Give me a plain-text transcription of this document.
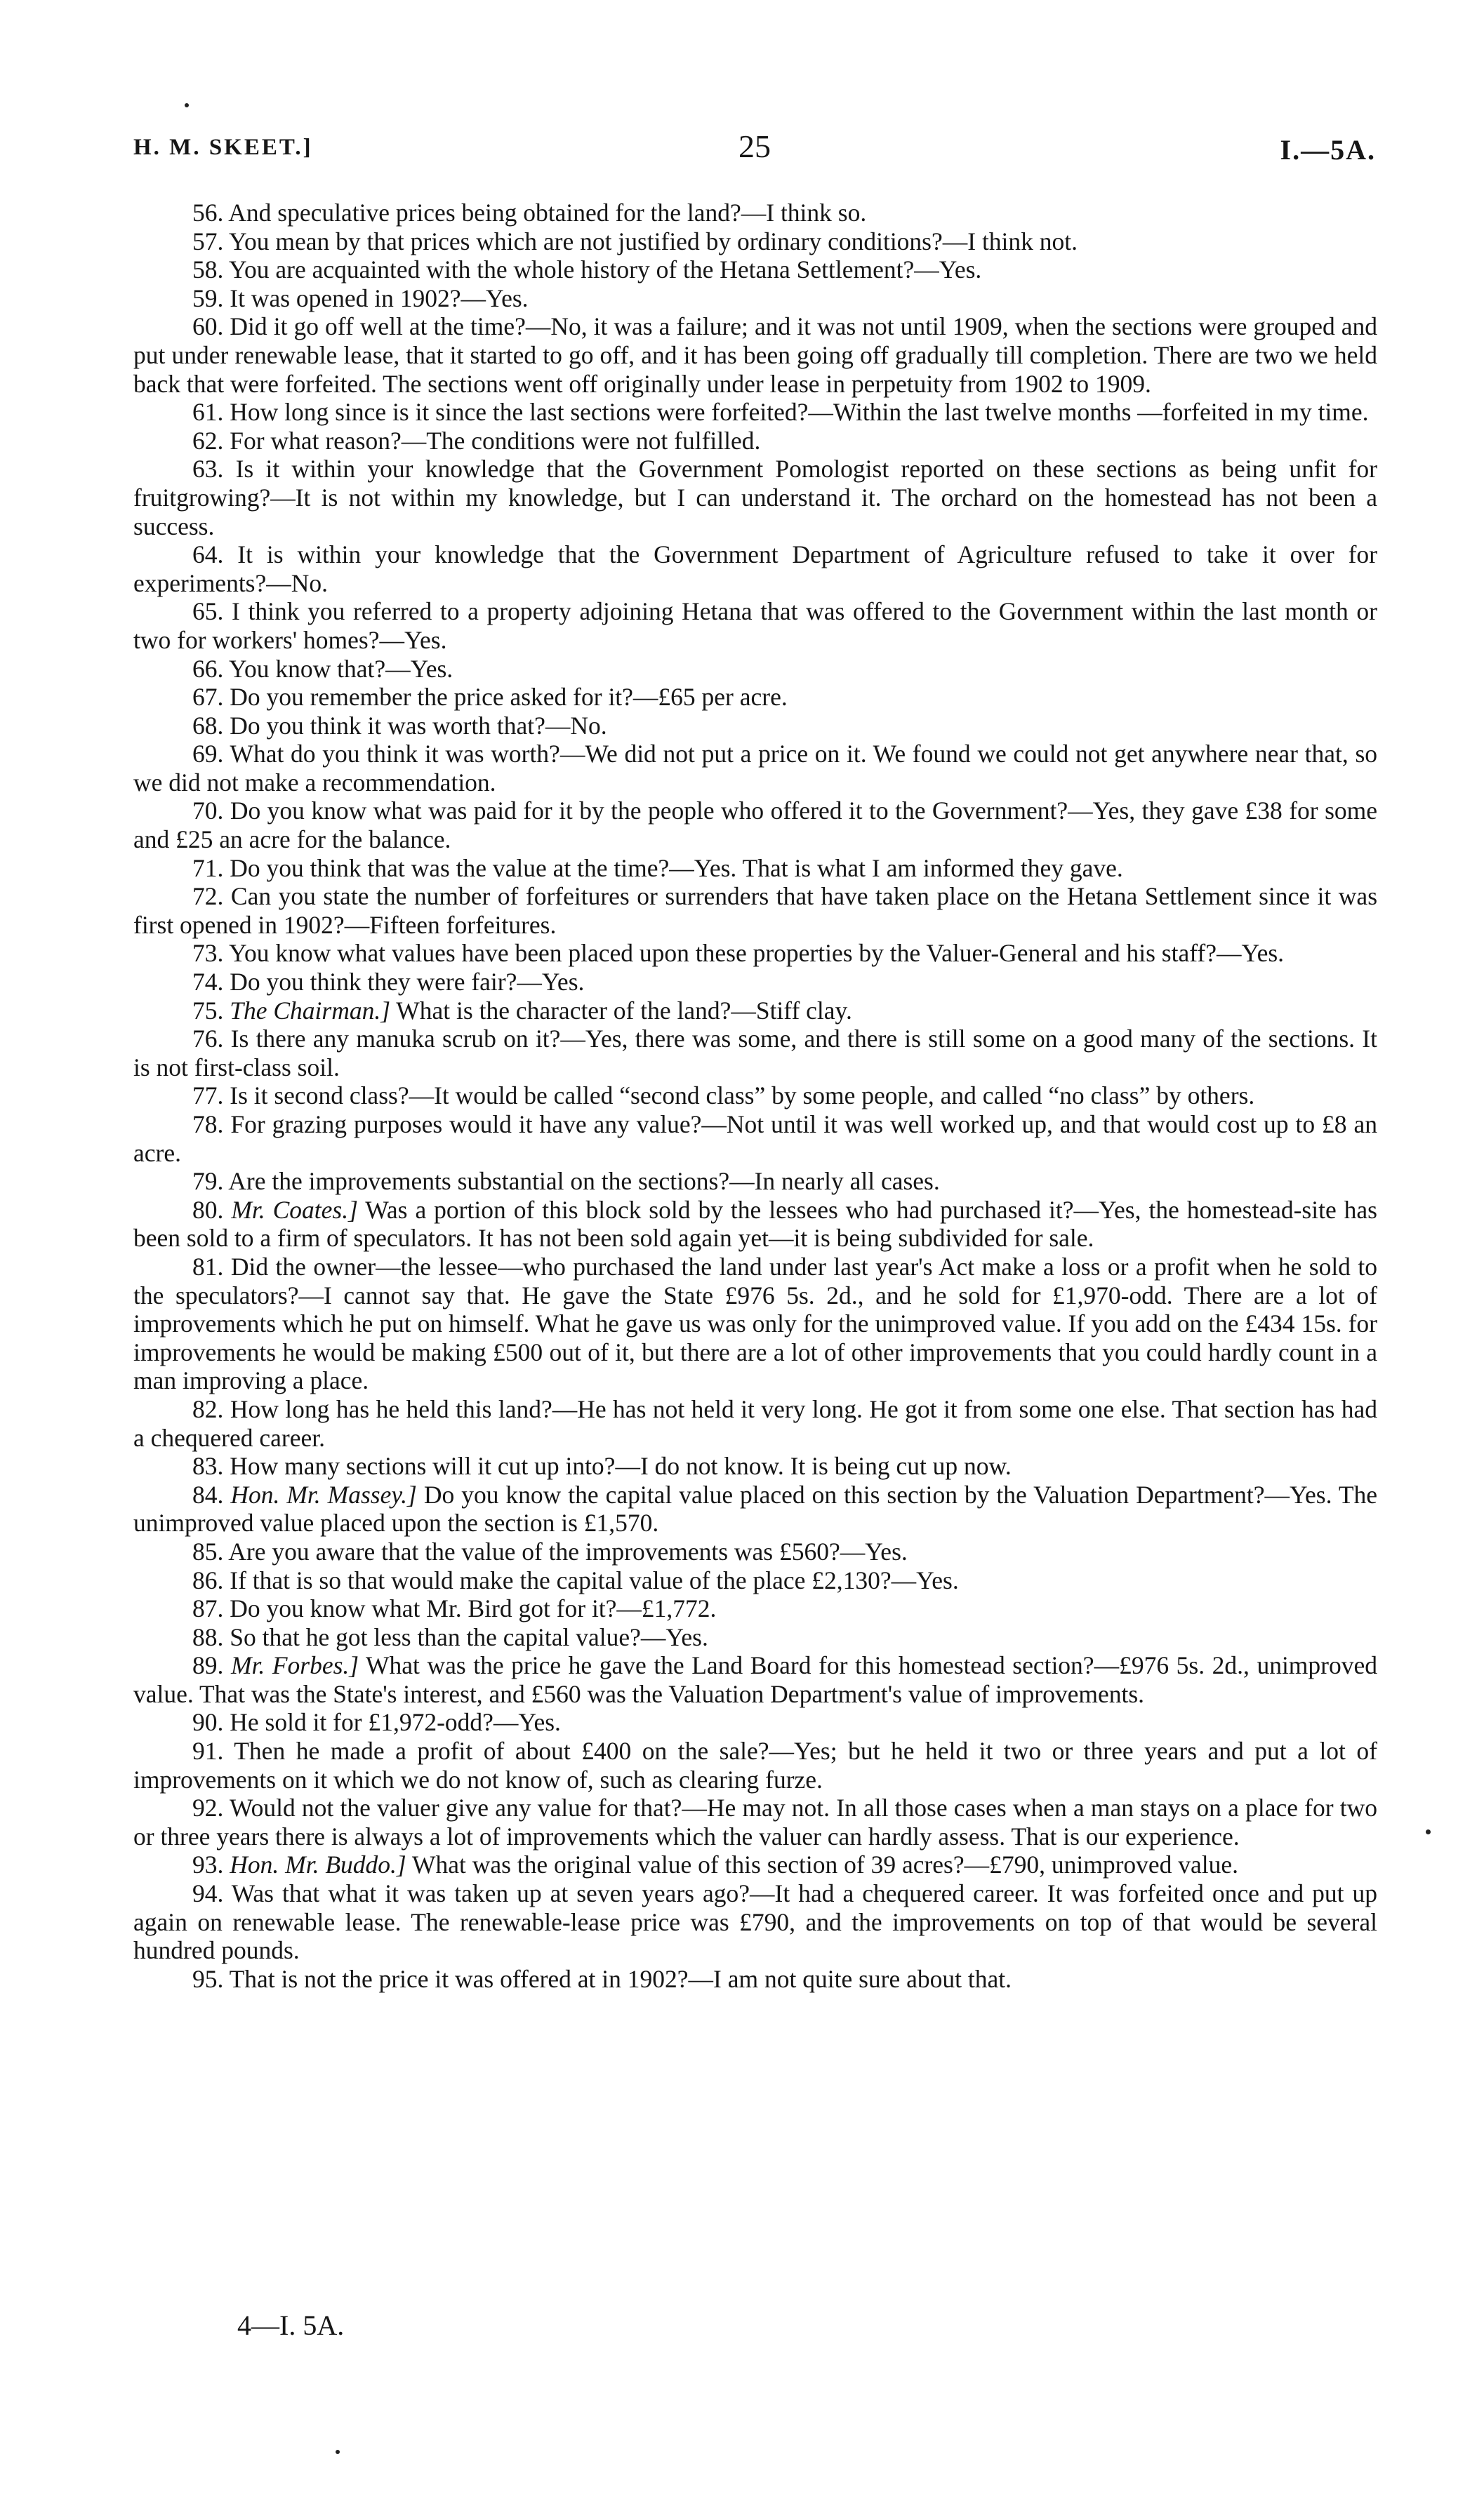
H. M. SKEET.]	25	I.—5A.

56. And speculative prices being obtained for the land?—I think so.

57. You mean by that prices which are not justified by ordinary conditions?—I think not.

58. You are acquainted with the whole history of the Hetana Settlement?—Yes.

59. It was opened in 1902?—Yes.

60. Did it go off well at the time?—No, it was a failure; and it was not until 1909, when the sections were grouped and put under renewable lease, that it started to go off, and it has been going off gradually till completion. There are two we held back that were forfeited. The sections went off originally under lease in perpetuity from 1902 to 1909.

61. How long since is it since the last sections were forfeited?—Within the last twelve months —forfeited in my time.

62. For what reason?—The conditions were not fulfilled.

63. Is it within your knowledge that the Government Pomologist reported on these sections as being unfit for fruitgrowing?—It is not within my knowledge, but I can understand it. The orchard on the homestead has not been a success.

64. It is within your knowledge that the Government Department of Agriculture refused to take it over for experiments?—No.

65. I think you referred to a property adjoining Hetana that was offered to the Government within the last month or two for workers' homes?—Yes.

66. You know that?—Yes.

67. Do you remember the price asked for it?—£65 per acre.

68. Do you think it was worth that?—No.

69. What do you think it was worth?—We did not put a price on it. We found we could not get anywhere near that, so we did not make a recommendation.

70. Do you know what was paid for it by the people who offered it to the Government?—Yes, they gave £38 for some and £25 an acre for the balance.

71. Do you think that was the value at the time?—Yes. That is what I am informed they gave.

72. Can you state the number of forfeitures or surrenders that have taken place on the Hetana Settlement since it was first opened in 1902?—Fifteen forfeitures.

73. You know what values have been placed upon these properties by the Valuer-General and his staff?—Yes.

74. Do you think they were fair?—Yes.

75. The Chairman.] What is the character of the land?—Stiff clay.

76. Is there any manuka scrub on it?—Yes, there was some, and there is still some on a good many of the sections. It is not first-class soil.

77. Is it second class?—It would be called “second class” by some people, and called “no class” by others.

78. For grazing purposes would it have any value?—Not until it was well worked up, and that would cost up to £8 an acre.

79. Are the improvements substantial on the sections?—In nearly all cases.

80. Mr. Coates.] Was a portion of this block sold by the lessees who had purchased it?—Yes, the homestead-site has been sold to a firm of speculators. It has not been sold again yet—it is being subdivided for sale.

81. Did the owner—the lessee—who purchased the land under last year's Act make a loss or a profit when he sold to the speculators?—I cannot say that. He gave the State £976 5s. 2d., and he sold for £1,970-odd. There are a lot of improvements which he put on himself. What he gave us was only for the unimproved value. If you add on the £434 15s. for improvements he would be making £500 out of it, but there are a lot of other improvements that you could hardly count in a man improving a place.

82. How long has he held this land?—He has not held it very long. He got it from some one else. That section has had a chequered career.

83. How many sections will it cut up into?—I do not know. It is being cut up now.

84. Hon. Mr. Massey.] Do you know the capital value placed on this section by the Valuation Department?—Yes. The unimproved value placed upon the section is £1,570.

85. Are you aware that the value of the improvements was £560?—Yes.

86. If that is so that would make the capital value of the place £2,130?—Yes.

87. Do you know what Mr. Bird got for it?—£1,772.

88. So that he got less than the capital value?—Yes.

89. Mr. Forbes.] What was the price he gave the Land Board for this homestead section?—£976 5s. 2d., unimproved value. That was the State's interest, and £560 was the Valuation Department's value of improvements.

90. He sold it for £1,972-odd?—Yes.

91. Then he made a profit of about £400 on the sale?—Yes; but he held it two or three years and put a lot of improvements on it which we do not know of, such as clearing furze.

92. Would not the valuer give any value for that?—He may not. In all those cases when a man stays on a place for two or three years there is always a lot of improvements which the valuer can hardly assess. That is our experience.

93. Hon. Mr. Buddo.] What was the original value of this section of 39 acres?—£790, unimproved value.

94. Was that what it was taken up at seven years ago?—It had a chequered career. It was forfeited once and put up again on renewable lease. The renewable-lease price was £790, and the improvements on top of that would be several hundred pounds.

95. That is not the price it was offered at in 1902?—I am not quite sure about that.

4—I. 5A.
